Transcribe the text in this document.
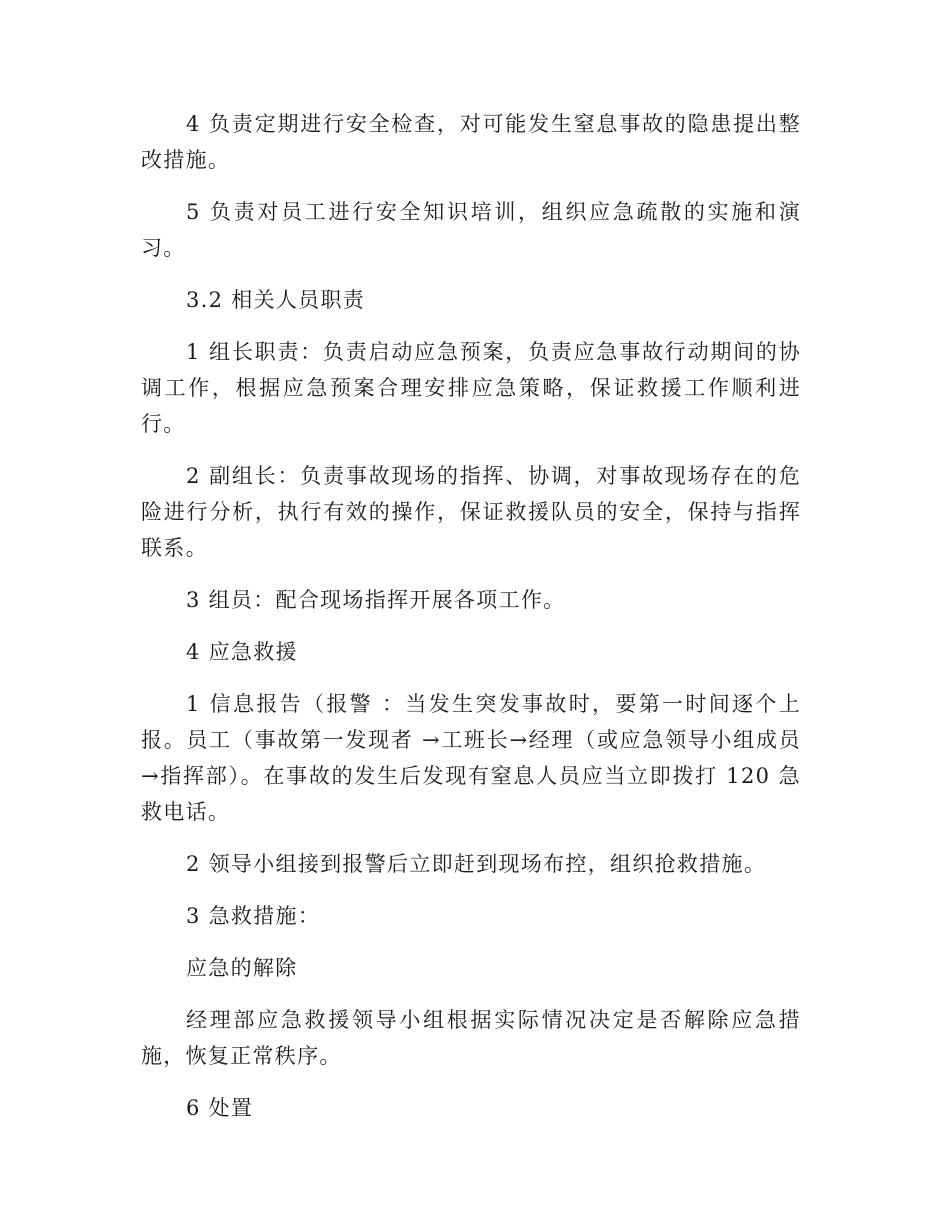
4 负责定期进行安全检查，对可能发生窒息事故的隐患提出整改措施。

5 负责对员工进行安全知识培训，组织应急疏散的实施和演习。

3.2 相关人员职责

1 组长职责：负责启动应急预案，负责应急事故行动期间的协调工作，根据应急预案合理安排应急策略，保证救援工作顺利进行。

2 副组长：负责事故现场的指挥、协调，对事故现场存在的危险进行分析，执行有效的操作，保证救援队员的安全，保持与指挥联系。

3 组员：配合现场指挥开展各项工作。

4 应急救援

1 信息报告（报警 ：当发生突发事故时，要第一时间逐个上报。员工（事故第一发现者 →工班长→经理（或应急领导小组成员 →指挥部）。在事故的发生后发现有窒息人员应当立即拨打 120 急救电话。

2 领导小组接到报警后立即赶到现场布控，组织抢救措施。

3 急救措施：

应急的解除

经理部应急救援领导小组根据实际情况决定是否解除应急措施，恢复正常秩序。

6 处置
